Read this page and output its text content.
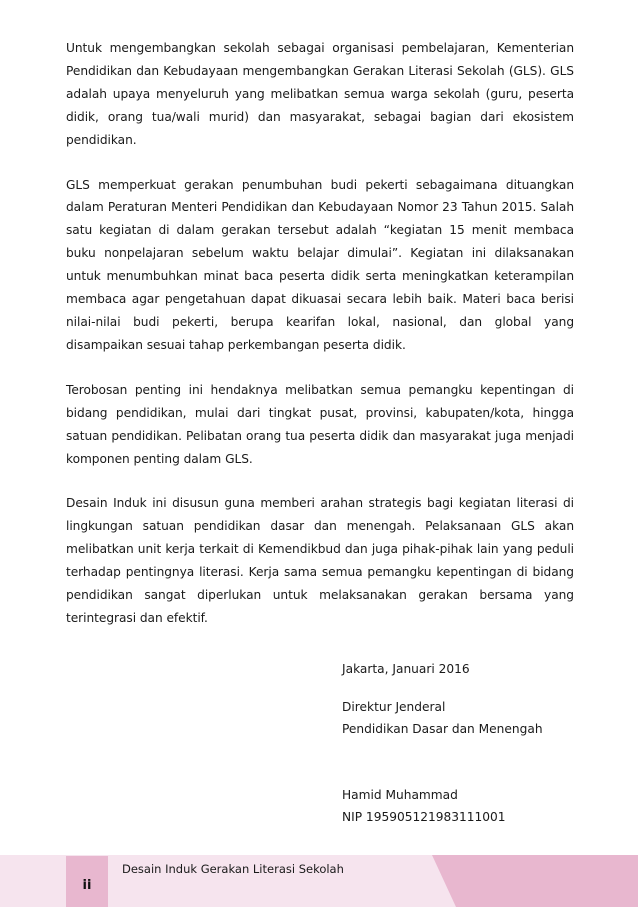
Untuk mengembangkan sekolah sebagai organisasi pembelajaran, Kementerian Pendidikan dan Kebudayaan mengembangkan Gerakan Literasi Sekolah (GLS). GLS adalah upaya menyeluruh yang melibatkan semua warga sekolah (guru, peserta didik, orang tua/wali murid) dan masyarakat, sebagai bagian dari ekosistem pendidikan.

GLS memperkuat gerakan penumbuhan budi pekerti sebagaimana dituangkan dalam Peraturan Menteri Pendidikan dan Kebudayaan Nomor 23 Tahun 2015. Salah satu kegiatan di dalam gerakan tersebut adalah “kegiatan 15 menit membaca buku nonpelajaran sebelum waktu belajar dimulai”. Kegiatan ini dilaksanakan untuk menumbuhkan minat baca peserta didik serta meningkatkan keterampilan membaca agar pengetahuan dapat dikuasai secara lebih baik. Materi baca berisi nilai-nilai budi pekerti, berupa kearifan lokal, nasional, dan global yang disampaikan sesuai tahap perkembangan peserta didik.

Terobosan penting ini hendaknya melibatkan semua pemangku kepentingan di bidang pendidikan, mulai dari tingkat pusat, provinsi, kabupaten/kota, hingga satuan pendidikan. Pelibatan orang tua peserta didik dan masyarakat juga menjadi komponen penting dalam GLS.

Desain Induk ini disusun guna memberi arahan strategis bagi kegiatan literasi di lingkungan satuan pendidikan dasar dan menengah. Pelaksanaan GLS akan melibatkan unit kerja terkait di Kemendikbud dan juga pihak-pihak lain yang peduli terhadap pentingnya literasi. Kerja sama semua pemangku kepentingan di bidang pendidikan sangat diperlukan untuk melaksanakan gerakan bersama yang terintegrasi dan efektif.

Jakarta, Januari 2016
Direktur Jenderal
Pendidikan Dasar dan Menengah
Hamid Muhammad
NIP 195905121983111001
ii
Desain Induk Gerakan Literasi Sekolah
